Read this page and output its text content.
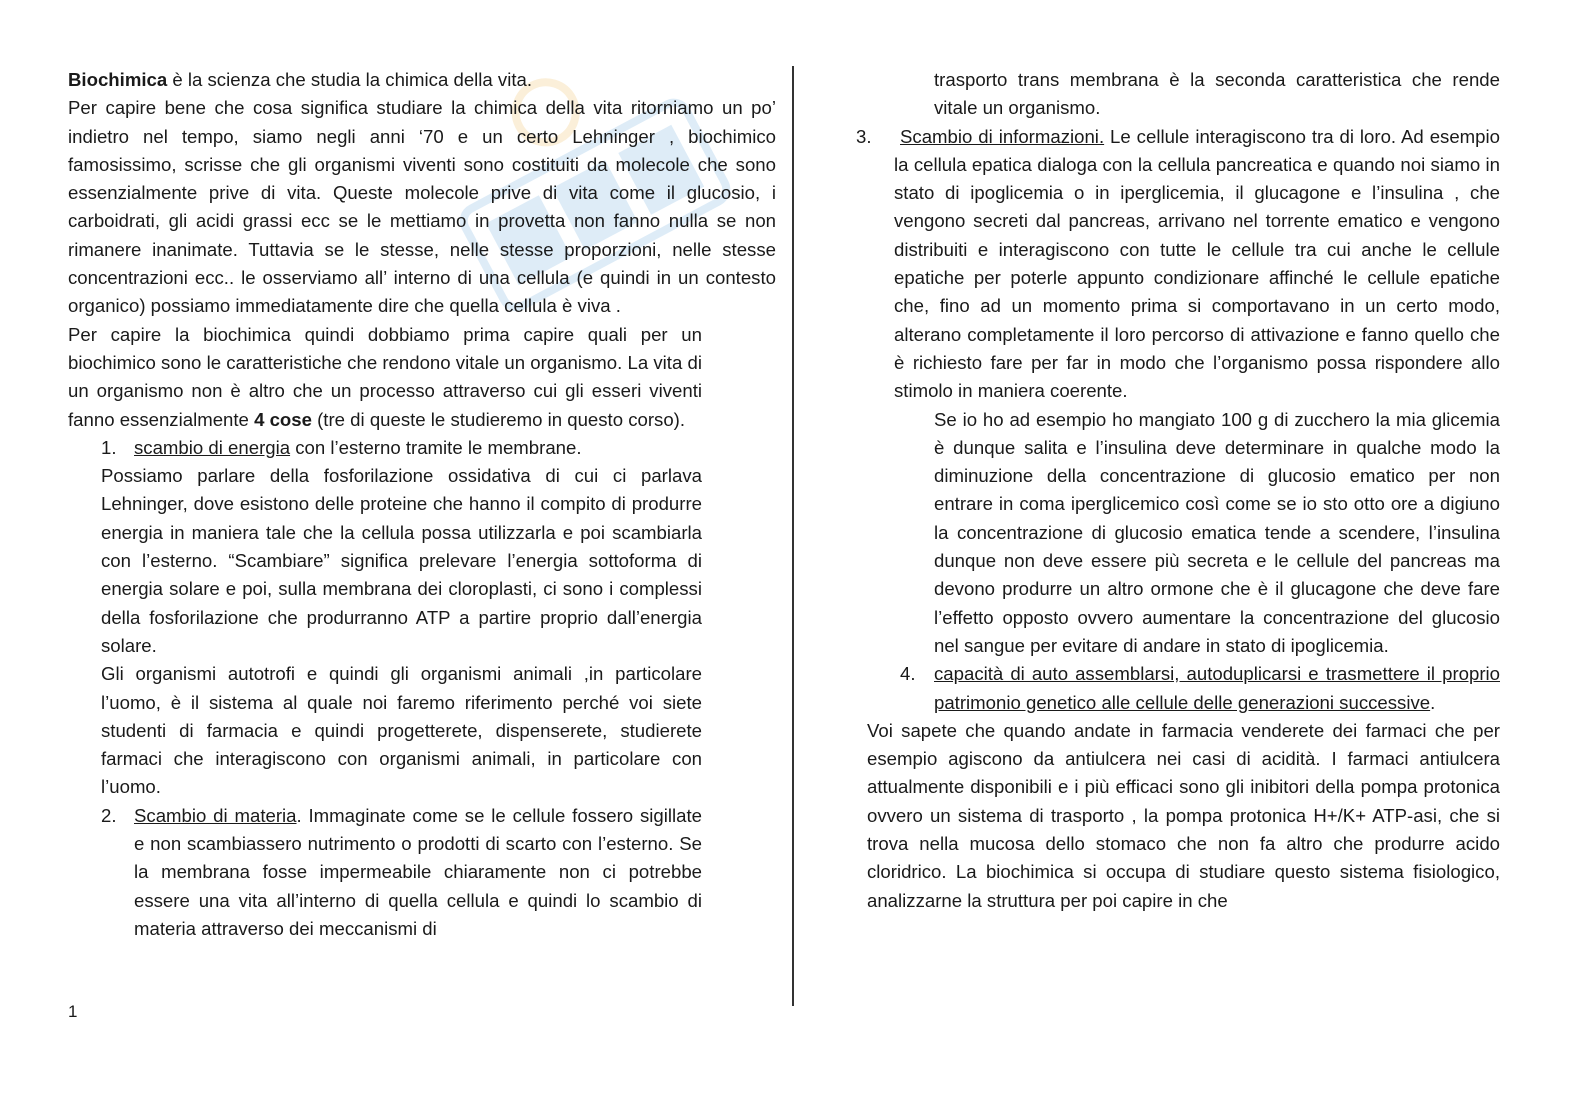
Biochimica è la scienza che studia la chimica della vita.

Per capire bene che cosa significa studiare la chimica della vita ritorniamo un po’ indietro nel tempo, siamo negli anni ‘70 e un certo Lehninger , biochimico famosissimo, scrisse che gli organismi viventi sono costituiti da molecole che sono essenzialmente prive di vita. Queste molecole prive di vita come il glucosio, i carboidrati, gli acidi grassi ecc se le mettiamo in provetta non fanno nulla se non rimanere inanimate. Tuttavia se le stesse, nelle stesse proporzioni, nelle stesse concentrazioni ecc.. le osserviamo all’ interno di una cellula (e quindi in un contesto organico) possiamo immediatamente dire che quella cellula è viva .

Per capire la biochimica quindi dobbiamo prima capire quali per un biochimico sono le caratteristiche che rendono vitale un organismo. La vita di un organismo non è altro che un processo attraverso cui gli esseri viventi fanno essenzialmente 4 cose (tre di queste le studieremo in questo corso).

1. scambio di energia con l’esterno tramite le membrane.

Possiamo parlare della fosforilazione ossidativa di cui ci parlava Lehninger, dove esistono delle proteine che hanno il compito di produrre energia in maniera tale che la cellula possa utilizzarla e poi scambiarla con l’esterno. “Scambiare” significa prelevare l’energia sottoforma di energia solare e poi, sulla membrana dei cloroplasti, ci sono i complessi della fosforilazione che produrranno ATP a partire proprio dall’energia solare.

Gli organismi autotrofi e quindi gli organismi animali ,in particolare l’uomo, è il sistema al quale noi faremo riferimento perché voi siete studenti di farmacia e quindi progetterete, dispenserete, studierete farmaci che interagiscono con organismi animali, in particolare con l’uomo.

2. Scambio di materia. Immaginate come se le cellule fossero sigillate e non scambiassero nutrimento o prodotti di scarto con l’esterno. Se la membrana fosse impermeabile chiaramente non ci potrebbe essere una vita all’interno di quella cellula e quindi lo scambio di materia attraverso dei meccanismi di

trasporto trans membrana è la seconda caratteristica che rende vitale un organismo.

3.	Scambio di informazioni. Le cellule interagiscono tra di loro. Ad esempio la cellula epatica dialoga con la cellula pancreatica e quando noi siamo in stato di ipoglicemia o in iperglicemia, il glucagone e l’insulina , che vengono secreti dal pancreas, arrivano nel torrente ematico e vengono distribuiti e interagiscono con tutte le cellule tra cui anche le cellule epatiche per poterle appunto condizionare affinché le cellule epatiche che, fino ad un momento prima si comportavano in un certo modo, alterano completamente il loro percorso di attivazione e fanno quello che è richiesto fare per far in modo che l’organismo possa rispondere allo stimolo in maniera coerente.

Se io ho ad esempio ho mangiato 100 g di zucchero la mia glicemia è dunque salita e l’insulina deve determinare in qualche modo la diminuzione della concentrazione di glucosio ematico per non entrare in coma iperglicemico così come se io sto otto ore a digiuno la concentrazione di glucosio ematica tende a scendere, l’insulina dunque non deve essere più secreta e le cellule del pancreas ma devono produrre un altro ormone che è il glucagone che deve fare l’effetto opposto ovvero aumentare la concentrazione del glucosio nel sangue per evitare di andare in stato di ipoglicemia.

4. capacità di auto assemblarsi, autoduplicarsi e trasmettere il proprio patrimonio genetico alle cellule delle generazioni successive.

Voi sapete che quando andate in farmacia venderete dei farmaci che per esempio agiscono da antiulcera nei casi di acidità. I farmaci antiulcera attualmente disponibili e i più efficaci sono gli inibitori della pompa protonica ovvero un sistema di trasporto , la pompa protonica H+/K+ ATP-asi, che si trova nella mucosa dello stomaco che non fa altro che produrre acido cloridrico. La biochimica si occupa di studiare questo sistema fisiologico, analizzarne la struttura per poi capire in che

1
